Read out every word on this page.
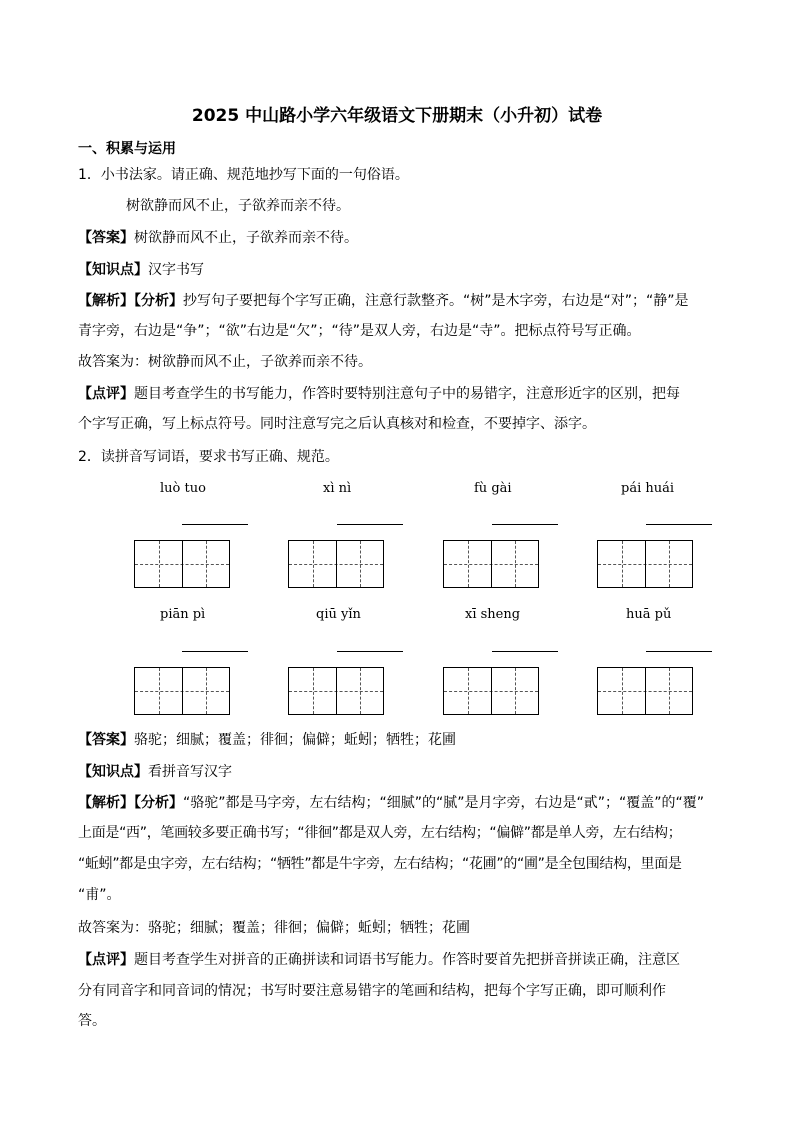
2025 中山路小学六年级语文下册期末（小升初）试卷
一、积累与运用
1．小书法家。请正确、规范地抄写下面的一句俗语。
树欲静而风不止，子欲养而亲不待。
【答案】树欲静而风不止，子欲养而亲不待。
【知识点】汉字书写
【解析】【分析】抄写句子要把每个字写正确，注意行款整齐。“树”是木字旁，右边是“对”；“静”是
青字旁，右边是“争”；“欲”右边是“欠”；“待”是双人旁，右边是“寺”。把标点符号写正确。
故答案为：树欲静而风不止，子欲养而亲不待。
【点评】题目考查学生的书写能力，作答时要特别注意句子中的易错字，注意形近字的区别，把每
个字写正确，写上标点符号。同时注意写完之后认真核对和检查，不要掉字、添字。
2．读拼音写词语，要求书写正确、规范。
luò tuo	xì nì	fù gài	pái huái
piān pì	qiū yǐn	xī sheng	huā pǔ
【答案】骆驼；细腻；覆盖；徘徊；偏僻；蚯蚓；牺牲；花圃
【知识点】看拼音写汉字
【解析】【分析】“骆驼”都是马字旁，左右结构；“细腻”的“腻”是月字旁，右边是“貳”；“覆盖”的“覆”
上面是“西”，笔画较多要正确书写；“徘徊”都是双人旁，左右结构；“偏僻”都是单人旁，左右结构；
“蚯蚓”都是虫字旁，左右结构；“牺牲”都是牛字旁，左右结构；“花圃”的“圃”是全包围结构，里面是
“甫”。
故答案为：骆驼；细腻；覆盖；徘徊；偏僻；蚯蚓；牺牲；花圃
【点评】题目考查学生对拼音的正确拼读和词语书写能力。作答时要首先把拼音拼读正确，注意区
分有同音字和同音词的情况；书写时要注意易错字的笔画和结构，把每个字写正确，即可顺利作
答。
